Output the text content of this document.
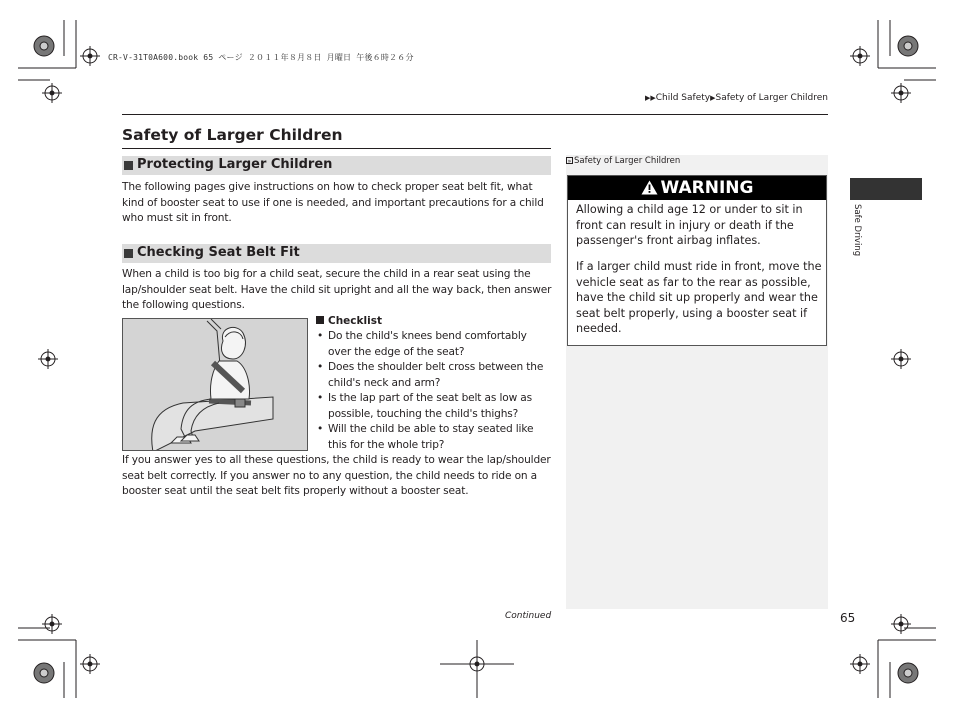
CR-V-31T0A600.book 65 ページ ２０１１年８月８日 月曜日 午後６時２６分
▶▶Child Safety▶Safety of Larger Children
Safety of Larger Children
Protecting Larger Children
The following pages give instructions on how to check proper seat belt fit, what kind of booster seat to use if one is needed, and important precautions for a child who must sit in front.
Checking Seat Belt Fit
When a child is too big for a child seat, secure the child in a rear seat using the lap/shoulder seat belt. Have the child sit upright and all the way back, then answer the following questions.
Checklist
• Do the child's knees bend comfortably over the edge of the seat?
• Does the shoulder belt cross between the child's neck and arm?
• Is the lap part of the seat belt as low as possible, touching the child's thighs?
• Will the child be able to stay seated like this for the whole trip?
If you answer yes to all these questions, the child is ready to wear the lap/shoulder seat belt correctly. If you answer no to any question, the child needs to ride on a booster seat until the seat belt fits properly without a booster seat.
Continued	65
» Safety of Larger Children
WARNING
Allowing a child age 12 or under to sit in front can result in injury or death if the passenger's front airbag inflates.
If a larger child must ride in front, move the vehicle seat as far to the rear as possible, have the child sit up properly and wear the seat belt properly, using a booster seat if needed.
Safe Driving
